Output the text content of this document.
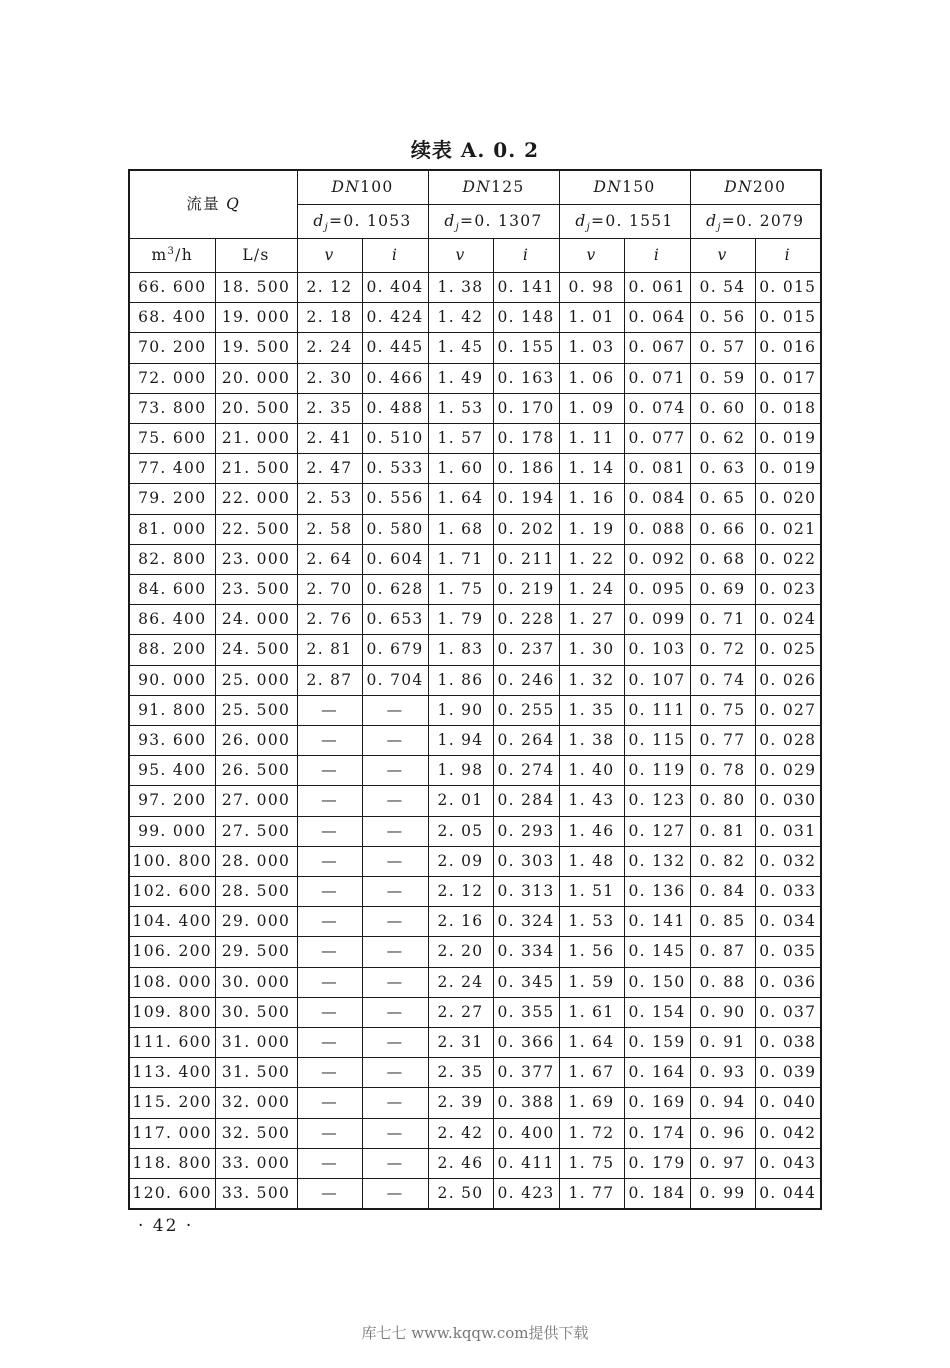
续表 A. 0. 2
流量 Q		DN100		DN125		DN150		DN200	
		$d_j=0$. 1053		$d_j=0$. 1307		$d_j=0$. 1551		$d_j=0$. 2079	
$m^3/h$	L/s	v	i	v	i	v	i	v	i
66. 600	18. 500	2. 12	0. 404	1. 38	0. 141	0. 98	0. 061	0. 54	0. 015
68. 400	19. 000	2. 18	0. 424	1. 42	0. 148	1. 01	0. 064	0. 56	0. 015
70. 200	19. 500	2. 24	0. 445	1. 45	0. 155	1. 03	0. 067	0. 57	0. 016
72. 000	20. 000	2. 30	0. 466	1. 49	0. 163	1. 06	0. 071	0. 59	0. 017
73. 800	20. 500	2. 35	0. 488	1. 53	0. 170	1. 09	0. 074	0. 60	0. 018
75. 600	21. 000	2. 41	0. 510	1. 57	0. 178	1. 11	0. 077	0. 62	0. 019
77. 400	21. 500	2. 47	0. 533	1. 60	0. 186	1. 14	0. 081	0. 63	0. 019
79. 200	22. 000	2. 53	0. 556	1. 64	0. 194	1. 16	0. 084	0. 65	0. 020
81. 000	22. 500	2. 58	0. 580	1. 68	0. 202	1. 19	0. 088	0. 66	0. 021
82. 800	23. 000	2. 64	0. 604	1. 71	0. 211	1. 22	0. 092	0. 68	0. 022
84. 600	23. 500	2. 70	0. 628	1. 75	0. 219	1. 24	0. 095	0. 69	0. 023
86. 400	24. 000	2. 76	0. 653	1. 79	0. 228	1. 27	0. 099	0. 71	0. 024
88. 200	24. 500	2. 81	0. 679	1. 83	0. 237	1. 30	0. 103	0. 72	0. 025
90. 000	25. 000	2. 87	0. 704	1. 86	0. 246	1. 32	0. 107	0. 74	0. 026
91. 800	25. 500	—	—	1. 90	0. 255	1. 35	0. 111	0. 75	0. 027
93. 600	26. 000	—	—	1. 94	0. 264	1. 38	0. 115	0. 77	0. 028
95. 400	26. 500	—	—	1. 98	0. 274	1. 40	0. 119	0. 78	0. 029
97. 200	27. 000	—	—	2. 01	0. 284	1. 43	0. 123	0. 80	0. 030
99. 000	27. 500	—	—	2. 05	0. 293	1. 46	0. 127	0. 81	0. 031
100. 800	28. 000	—	—	2. 09	0. 303	1. 48	0. 132	0. 82	0. 032
102. 600	28. 500	—	—	2. 12	0. 313	1. 51	0. 136	0. 84	0. 033
104. 400	29. 000	—	—	2. 16	0. 324	1. 53	0. 141	0. 85	0. 034
106. 200	29. 500	—	—	2. 20	0. 334	1. 56	0. 145	0. 87	0. 035
108. 000	30. 000	—	—	2. 24	0. 345	1. 59	0. 150	0. 88	0. 036
109. 800	30. 500	—	—	2. 27	0. 355	1. 61	0. 154	0. 90	0. 037
111. 600	31. 000	—	—	2. 31	0. 366	1. 64	0. 159	0. 91	0. 038
113. 400	31. 500	—	—	2. 35	0. 377	1. 67	0. 164	0. 93	0. 039
115. 200	32. 000	—	—	2. 39	0. 388	1. 69	0. 169	0. 94	0. 040
117. 000	32. 500	—	—	2. 42	0. 400	1. 72	0. 174	0. 96	0. 042
118. 800	33. 000	—	—	2. 46	0. 411	1. 75	0. 179	0. 97	0. 043
120. 600	33. 500	—	—	2. 50	0. 423	1. 77	0. 184	0. 99	0. 044
· 42 ·
库七七 www.kqqw.com提供下载
